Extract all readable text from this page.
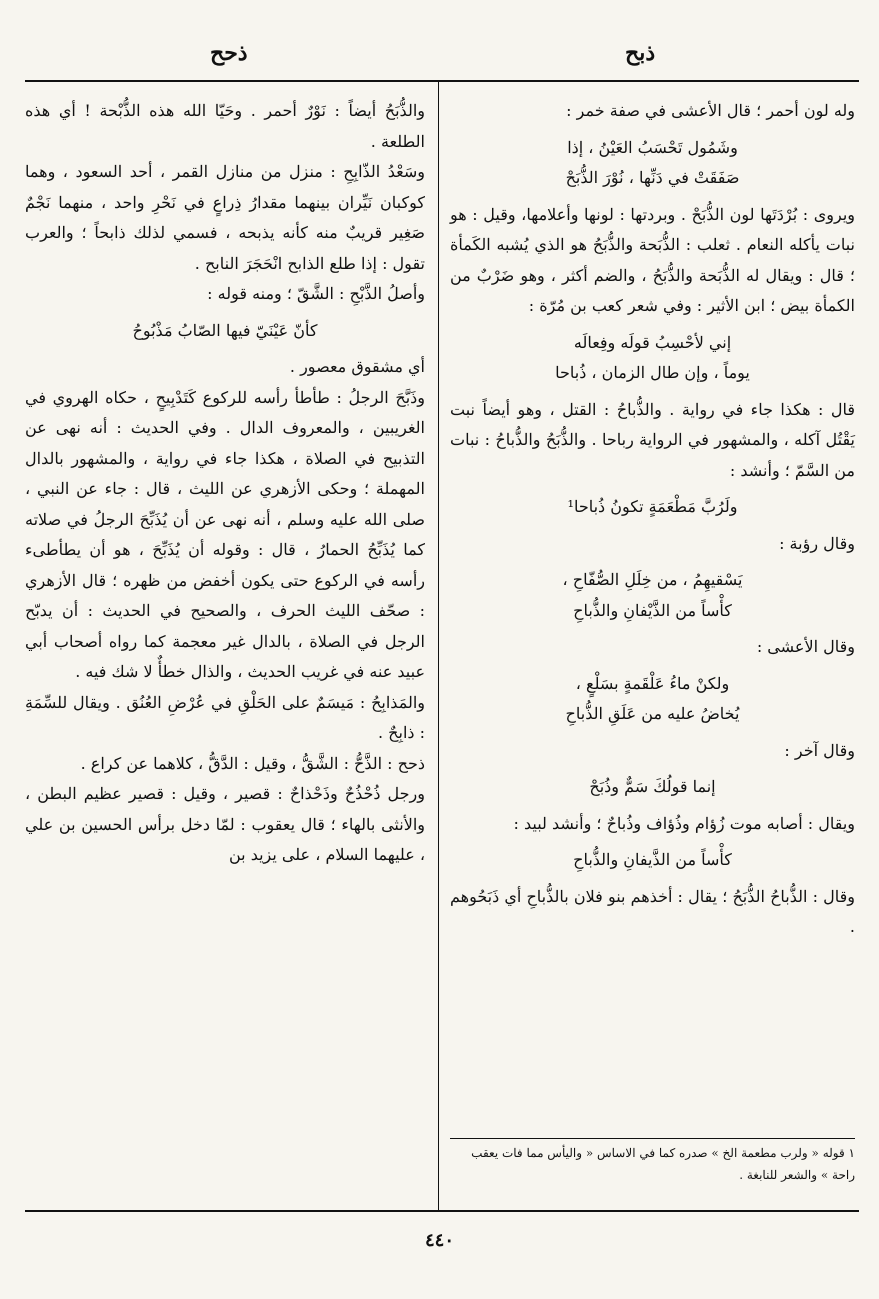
ذبح
ذحح

وله لون أحمر ؛ قال الأعشى في صفة خمر :

وشَمُول تَحْسَبُ العَيْنُ ، إذا
صَفَقَتْ في دَنِّها ، نُوْرَ الذُّبَحْ

ويروى : بُرْدَتَها لون الذُّبَحْ . وبردتها : لونها وأعلامها، وقيل : هو نبات يأكله النعام . ثعلب : الذُّبَحة والذُّبَحُ هو الذي يُشبه الكَمأة ؛ قال : ويقال له الذُّبَحة والذُّبَحُ ، والضم أكثر ، وهو ضَرْبٌ من الكمأة بيض ؛ ابن الأثير : وفي شعر كعب بن مُرّة :

إني لأحْسِبُ قولَه وفِعالَه
يوماً ، وإن طال الزمان ، ذُباحا

قال : هكذا جاء في رواية . والذُّباحُ : القتل ، وهو أيضاً نبت يَقْتُل آكله ، والمشهور في الرواية رباحا . والذُّبَحُ والذُّباحُ : نبات من السَّمّ ؛ وأنشد :

ولَرُبَّ مَطْعَمَةٍ تكونُ ذُباحا¹

وقال رؤبة :

يَسْقيهِمُ ، من خِلَلِ الصُّفّاحِ ،
كأْساً من الذَّيْفانِ والذُّباحِ

وقال الأعشى :

ولكنْ ماءُ عَلْقَمةٍ بسَلْعٍ ،
يُخاضُ عليه من عَلَقِ الذُّباحِ

وقال آخر :

إنما قولُكَ سَمٌّ وذُبَحْ

ويقال : أصابه موت زُؤام وذُؤاف وذُباحٌ ؛ وأنشد لبيد :

كأْساً من الذَّيفانِ والذُّباحِ

وقال : الذُّباحُ الذُّبَحُ ؛ يقال : أخذهم بنو فلان بالذُّباحِ أي ذَبَحُوهم .

١ قوله « ولرب مطعمة الخ » صدره كما في الاساس « واليأس مما فات يعقب راحة » والشعر للنابغة .

والذُّبَحُ أيضاً : نَوْرٌ أحمر . وحَيّا الله هذه الذُّبْحة ! أي هذه الطلعة .

وسَعْدُ الذّابِحِ : منزل من منازل القمر ، أحد السعود ، وهما كوكبان نَيِّران بينهما مقدارُ ذِراعٍ في نَحْرِ واحد ، منهما نَجْمٌ صَغِير قريبٌ منه كأنه يذبحه ، فسمي لذلك ذابحاً ؛ والعرب تقول : إذا طلع الذابح انْحَجَرَ النابح .

وأصلُ الذَّبْحِ : الشَّقّ ؛ ومنه قوله :

كأنّ عَيْنَيّ فيها الصّابُ مَذْبُوحُ

أي مشقوق معصور .

وذَبَّحَ الرجلُ : طأطأ رأسه للركوع كَتَدْبِيحٍ ، حكاه الهروي في الغريبين ، والمعروف الدال . وفي الحديث : أنه نهى عن التذبيح في الصلاة ، هكذا جاء في رواية ، والمشهور بالدال المهملة ؛ وحكى الأزهري عن الليث ، قال : جاء عن النبي ، صلى الله عليه وسلم ، أنه نهى عن أن يُذَبِّحَ الرجلُ في صلاته كما يُذَبِّحُ الحمارُ ، قال : وقوله أن يُذَبِّحَ ، هو أن يطأطىء رأسه في الركوع حتى يكون أخفض من ظهره ؛ قال الأزهري : صحّف الليث الحرف ، والصحيح في الحديث : أن يدبّح الرجل في الصلاة ، بالدال غير معجمة كما رواه أصحاب أبي عبيد عنه في غريب الحديث ، والذال خطأٌ لا شك فيه .

والمَذابِحُ : مَيسَمٌ على الحَلْقِ في عُرْضِ العُنُق . ويقال للسِّمَةِ : ذابِحٌ .

ذحح : الذَّحُّ : الشَّقُّ ، وقيل : الدَّقُّ ، كلاهما عن كراع .

ورجل ذُحْذُحٌ وذَحْذاحٌ : قصير ، وقيل : قصير عظيم البطن ، والأنثى بالهاء ؛ قال يعقوب : لمّا دخل برأس الحسين بن علي ، عليهما السلام ، على يزيد بن

٤٤٠
